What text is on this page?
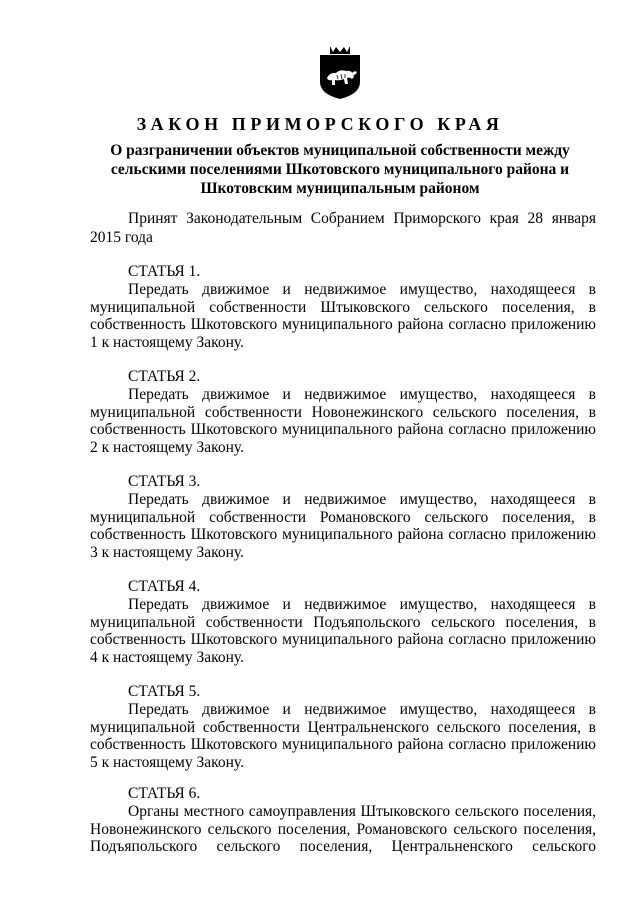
ЗАКОН ПРИМОРСКОГО КРАЯ
О разграничении объектов муниципальной собственности между сельскими поселениями Шкотовского муниципального района и Шкотовским муниципальным районом
Принят Законодательным Собранием Приморского края 28 января 2015 года
СТАТЬЯ 1.

Передать движимое и недвижимое имущество, находящееся в муниципальной собственности Штыковского сельского поселения, в собственность Шкотовского муниципального района согласно приложению 1 к настоящему Закону.

СТАТЬЯ 2.

Передать движимое и недвижимое имущество, находящееся в муниципальной собственности Новонежинского сельского поселения, в собственность Шкотовского муниципального района согласно приложению 2 к настоящему Закону.

СТАТЬЯ 3.

Передать движимое и недвижимое имущество, находящееся в муниципальной собственности Романовского сельского поселения, в собственность Шкотовского муниципального района согласно приложению 3 к настоящему Закону.

СТАТЬЯ 4.

Передать движимое и недвижимое имущество, находящееся в муниципальной собственности Подъяпольского сельского поселения, в собственность Шкотовского муниципального района согласно приложению 4 к настоящему Закону.

СТАТЬЯ 5.

Передать движимое и недвижимое имущество, находящееся в муниципальной собственности Центральненского сельского поселения, в собственность Шкотовского муниципального района согласно приложению 5 к настоящему Закону.

СТАТЬЯ 6.

Органы местного самоуправления Штыковского сельского поселения, Новонежинского сельского поселения, Романовского сельского поселения, Подъяпольского сельского поселения, Центральненского сельского
